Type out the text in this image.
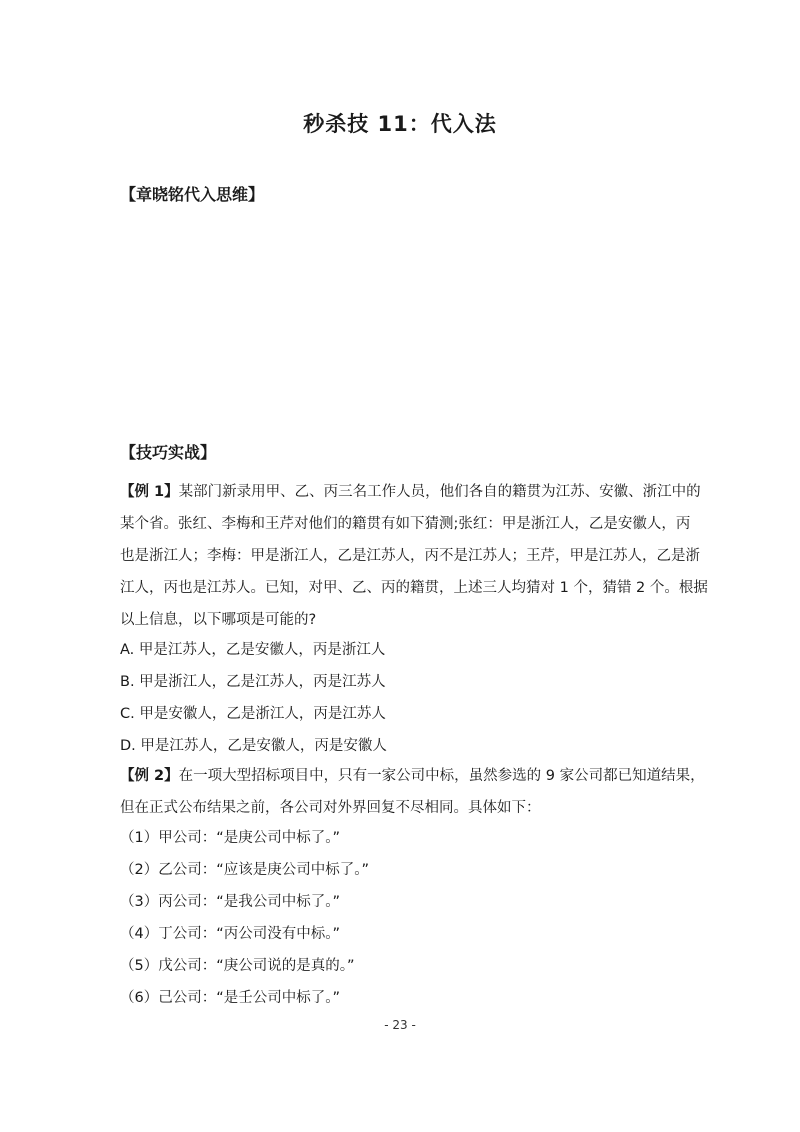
秒杀技 11：代入法
【章晓铭代入思维】
【技巧实战】
【例 1】某部门新录用甲、乙、丙三名工作人员，他们各自的籍贯为江苏、安徽、浙江中的
某个省。张红、李梅和王芹对他们的籍贯有如下猜测;张红：甲是浙江人，乙是安徽人，丙
也是浙江人；李梅：甲是浙江人，乙是江苏人，丙不是江苏人；王芹，甲是江苏人，乙是浙
江人，丙也是江苏人。已知，对甲、乙、丙的籍贯，上述三人均猜对 1 个，猜错 2 个。根据
以上信息，以下哪项是可能的?
A. 甲是江苏人，乙是安徽人，丙是浙江人
B. 甲是浙江人，乙是江苏人，丙是江苏人
C. 甲是安徽人，乙是浙江人，丙是江苏人
D. 甲是江苏人，乙是安徽人，丙是安徽人
【例 2】在一项大型招标项目中，只有一家公司中标，虽然参选的 9 家公司都已知道结果，
但在正式公布结果之前，各公司对外界回复不尽相同。具体如下：
（1）甲公司：“是庚公司中标了。”
（2）乙公司：“应该是庚公司中标了。”
（3）丙公司：“是我公司中标了。”
（4）丁公司：“丙公司没有中标。”
（5）戊公司：“庚公司说的是真的。”
（6）己公司：“是壬公司中标了。”
- 23 -
